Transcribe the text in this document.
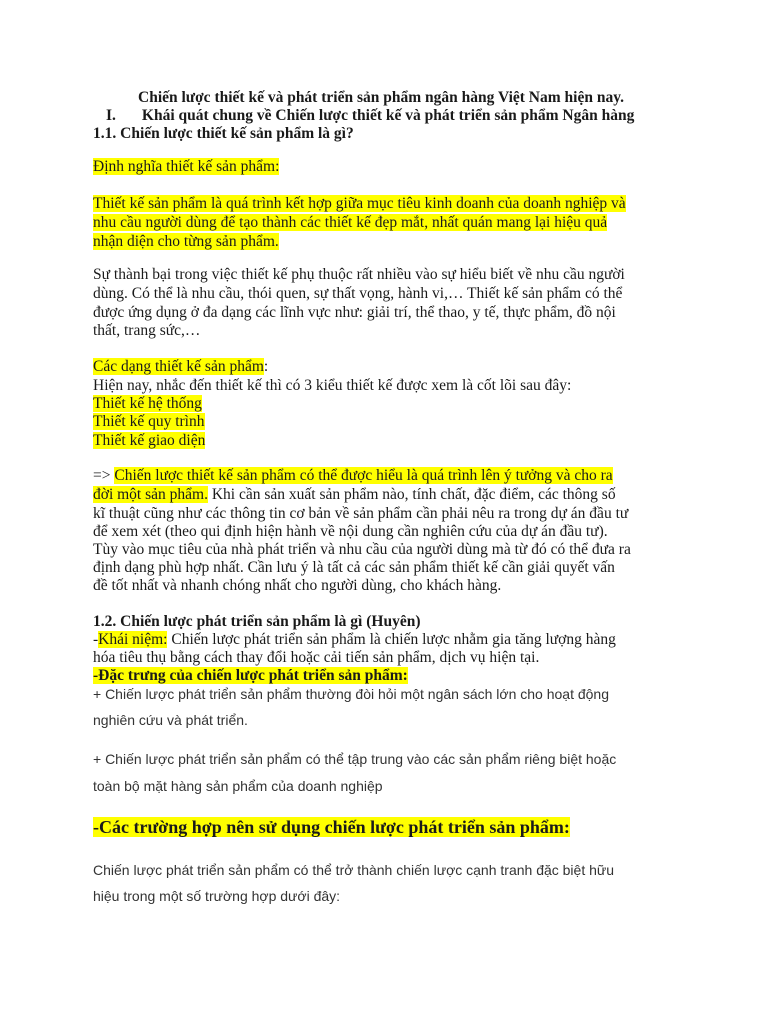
Chiến lược thiết kế và phát triển sản phẩm ngân hàng Việt Nam hiện nay.
I. Khái quát chung về Chiến lược thiết kế và phát triển sản phẩm Ngân hàng
1.1. Chiến lược thiết kế sản phẩm là gì?
Định nghĩa thiết kế sản phẩm:
Thiết kế sản phẩm là quá trình kết hợp giữa mục tiêu kinh doanh của doanh nghiệp và
nhu cầu người dùng để tạo thành các thiết kế đẹp mắt, nhất quán mang lại hiệu quả
nhận diện cho từng sản phẩm.
Sự thành bại trong việc thiết kế phụ thuộc rất nhiều vào sự hiểu biết về nhu cầu người
dùng. Có thể là nhu cầu, thói quen, sự thất vọng, hành vi,… Thiết kế sản phẩm có thể
được ứng dụng ở đa dạng các lĩnh vực như: giải trí, thể thao, y tế, thực phẩm, đồ nội
thất, trang sức,…
Các dạng thiết kế sản phẩm:
Hiện nay, nhắc đến thiết kế thì có 3 kiểu thiết kế được xem là cốt lõi sau đây:
Thiết kế hệ thống
Thiết kế quy trình
Thiết kế giao diện
=> Chiến lược thiết kế sản phẩm có thể được hiểu là quá trình lên ý tưởng và cho ra
đời một sản phẩm. Khi cần sản xuất sản phẩm nào, tính chất, đặc điểm, các thông số
kĩ thuật cũng như các thông tin cơ bản về sản phẩm cần phải nêu ra trong dự án đầu tư
để xem xét (theo qui định hiện hành về nội dung cần nghiên cứu của dự án đầu tư).
Tùy vào mục tiêu của nhà phát triển và nhu cầu của người dùng mà từ đó có thể đưa ra
định dạng phù hợp nhất. Cần lưu ý là tất cả các sản phẩm thiết kế cần giải quyết vấn
đề tốt nhất và nhanh chóng nhất cho người dùng, cho khách hàng.
1.2. Chiến lược phát triển sản phẩm là gì (Huyên)
-Khái niệm: Chiến lược phát triển sản phẩm là chiến lược nhằm gia tăng lượng hàng
hóa tiêu thụ bằng cách thay đổi hoặc cải tiến sản phẩm, dịch vụ hiện tại.
-Đặc trưng của chiến lược phát triển sản phẩm:
+ Chiến lược phát triển sản phẩm thường đòi hỏi một ngân sách lớn cho hoạt động
nghiên cứu và phát triển.
+ Chiến lược phát triển sản phẩm có thể tập trung vào các sản phẩm riêng biệt hoặc
toàn bộ mặt hàng sản phẩm của doanh nghiệp
-Các trường hợp nên sử dụng chiến lược phát triển sản phẩm:
Chiến lược phát triển sản phẩm có thể trở thành chiến lược cạnh tranh đặc biệt hữu
hiệu trong một số trường hợp dưới đây:
